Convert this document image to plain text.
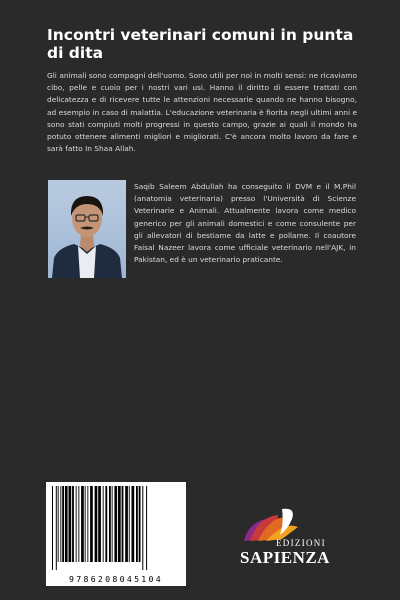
Incontri veterinari comuni in punta di dita
Gli animali sono compagni dell'uomo. Sono utili per noi in molti sensi: ne ricaviamo cibo, pelle e cuoio per i nostri vari usi. Hanno il diritto di essere trattati con delicatezza e di ricevere tutte le attenzioni necessarie quando ne hanno bisogno, ad esempio in caso di malattia. L'educazione veterinaria è fiorita negli ultimi anni e sono stati compiuti molti progressi in questo campo, grazie ai quali il mondo ha potuto ottenere alimenti migliori e migliorati. C'è ancora molto lavoro da fare e sarà fatto In Shaa Allah.
Saqib Saleem Abdullah ha conseguito il DVM e il M.Phil (anatomia veterinaria) presso l'Università di Scienze Veterinarie e Animali. Attualmente lavora come medico generico per gli animali domestici e come consulente per gli allevatori di bestiame da latte e pollame. Il coautore Faisal Nazeer lavora come ufficiale veterinario nell'AJK, in Pakistan, ed è un veterinario praticante.
9786208045104
EDIZIONI
SAPIENZA
